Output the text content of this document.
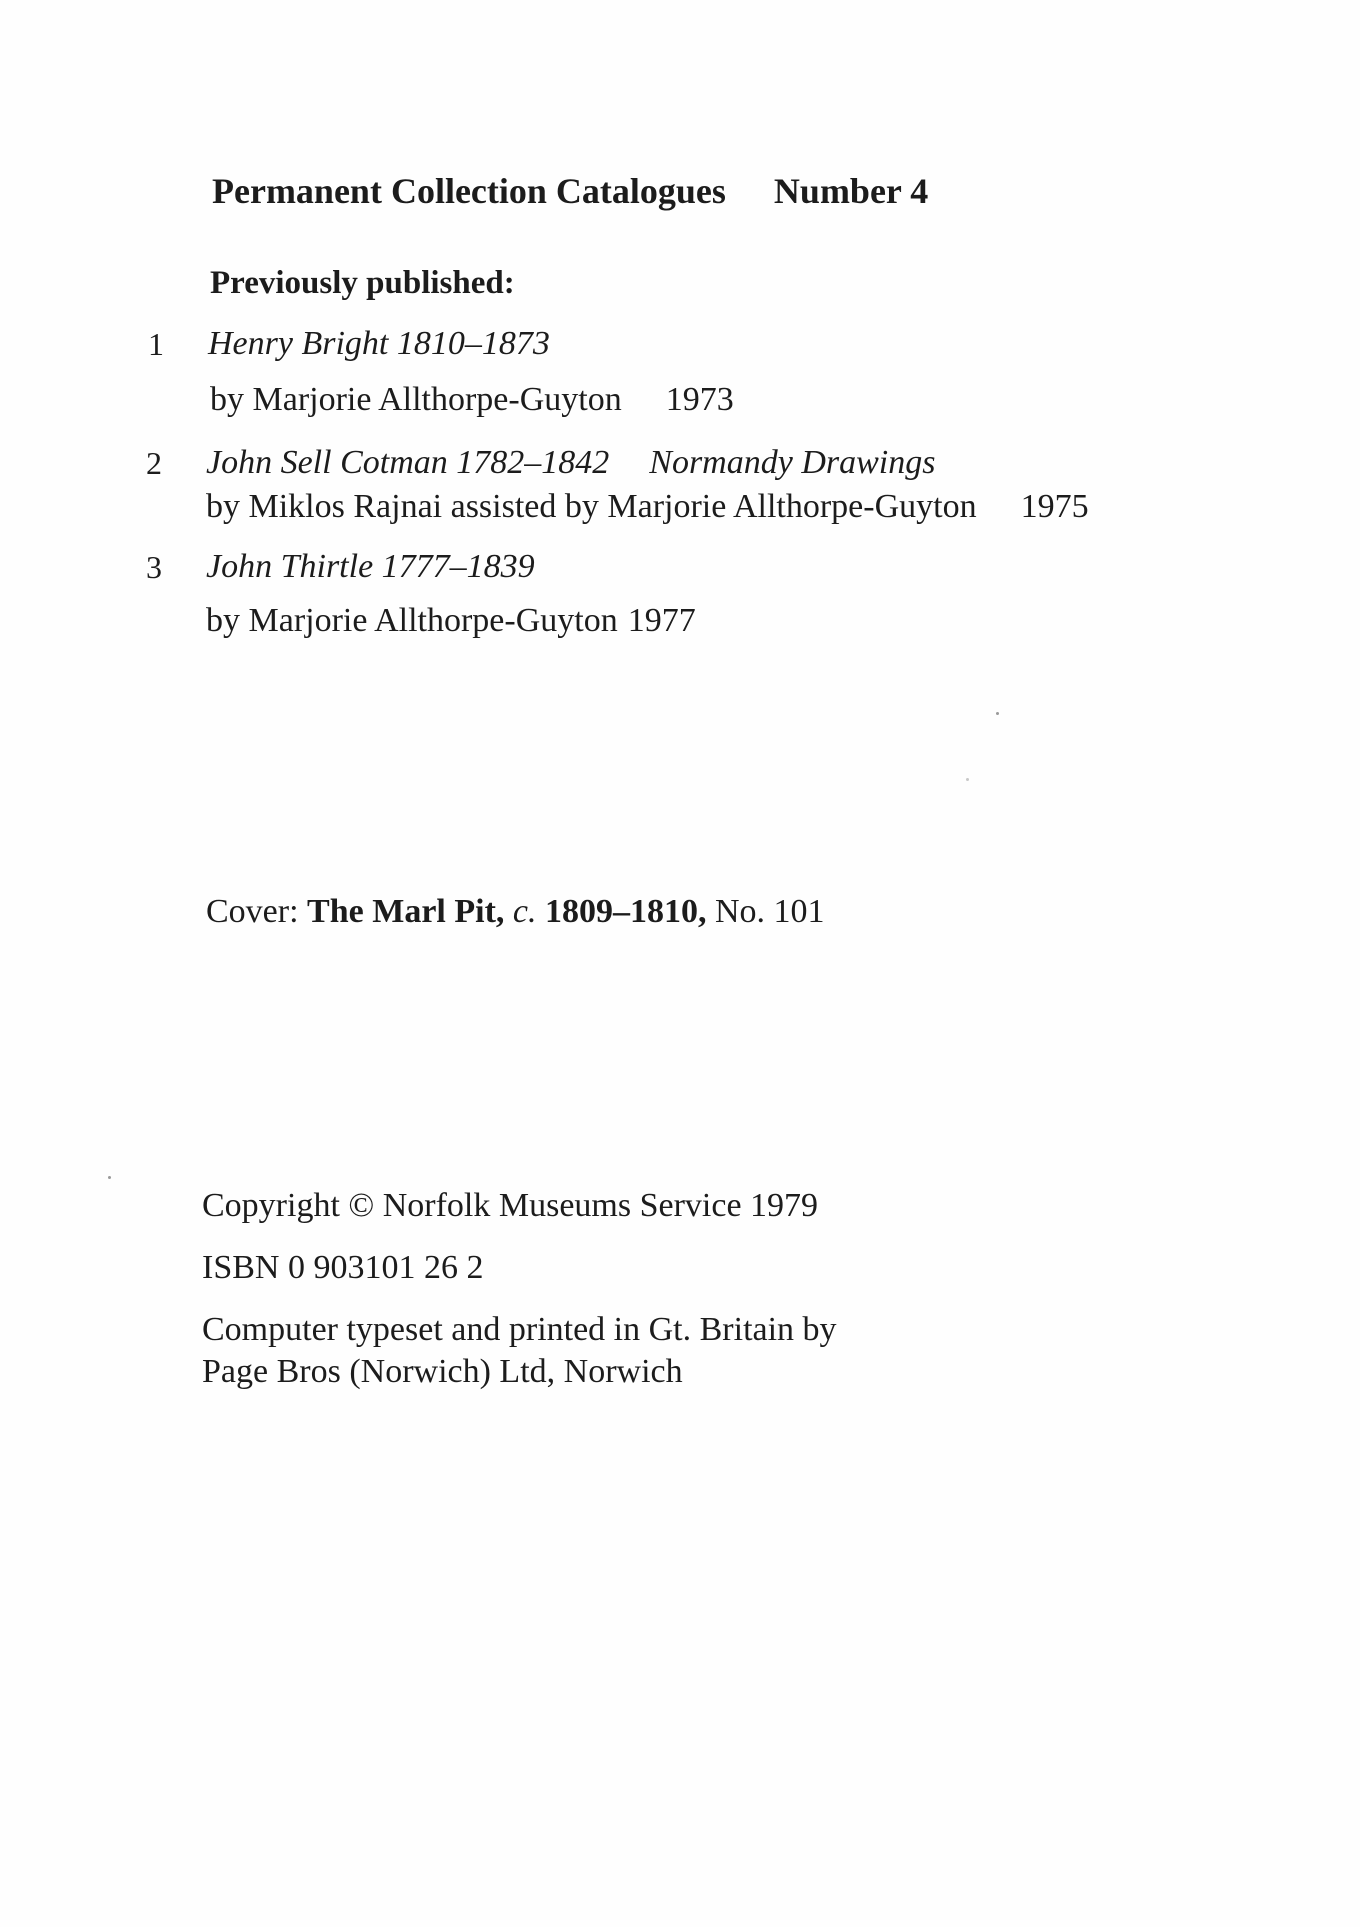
Permanent Collection Catalogues Number 4
Previously published:
1 Henry Bright 1810–1873
by Marjorie Allthorpe-Guyton 1973
2 John Sell Cotman 1782–1842 Normandy Drawings
by Miklos Rajnai assisted by Marjorie Allthorpe-Guyton 1975
3 John Thirtle 1777–1839
by Marjorie Allthorpe-Guyton 1977
Cover: The Marl Pit, c. 1809–1810, No. 101
Copyright © Norfolk Museums Service 1979
ISBN 0 903101 26 2
Computer typeset and printed in Gt. Britain by
Page Bros (Norwich) Ltd, Norwich
